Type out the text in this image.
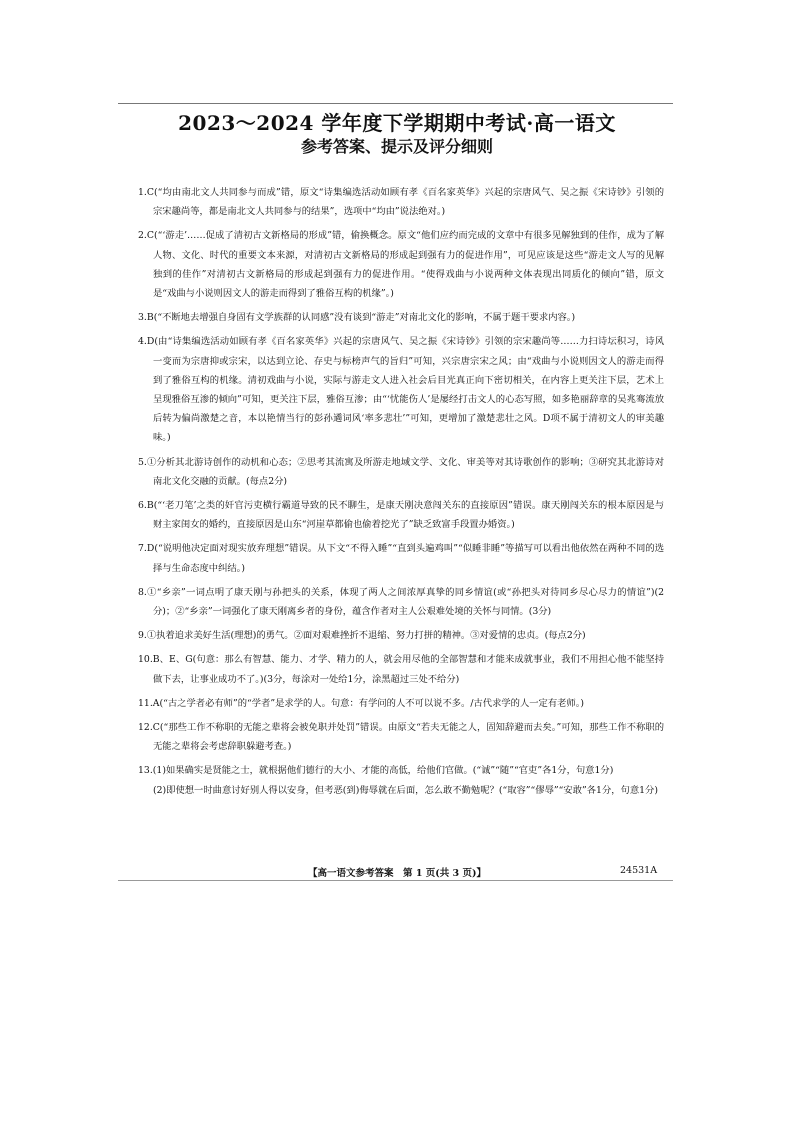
2023～2024 学年度下学期期中考试·高一语文
参考答案、提示及评分细则
1.C(“均由南北文人共同参与而成”错，原文“诗集编选活动如顾有孝《百名家英华》兴起的宗唐风气、吴之振《宋诗钞》引领的宗宋趣尚等，都是南北文人共同参与的结果”，选项中“均由”说法绝对。)
2.C(“‘游走’……促成了清初古文新格局的形成”错，偷换概念。原文“他们应约而完成的文章中有很多见解独到的佳作，成为了解人物、文化、时代的重要文本来源，对清初古文新格局的形成起到强有力的促进作用”，可见应该是这些“游走文人写的见解独到的佳作”对清初古文新格局的形成起到强有力的促进作用。“使得戏曲与小说两种文体表现出同质化的倾向”错，原文是“戏曲与小说则因文人的游走而得到了雅俗互构的机缘”。)
3.B(“不断地去增强自身固有文学族群的认同感”没有谈到“游走”对南北文化的影响，不属于题干要求内容。)
4.D(由“诗集编选活动如顾有孝《百名家英华》兴起的宗唐风气、吴之振《宋诗钞》引领的宗宋趣尚等……力扫诗坛积习，诗风一变而为宗唐抑或宗宋，以达到立论、存史与标榜声气的旨归”可知，兴宗唐宗宋之风；由“戏曲与小说则因文人的游走而得到了雅俗互构的机缘。清初戏曲与小说，实际与游走文人进入社会后目光真正向下密切相关，在内容上更关注下层，艺术上呈现雅俗互渗的倾向”可知，更关注下层，雅俗互渗；由“‘忧能伤人’是屡经打击文人的心态写照，如多艳丽辞章的吴兆骞流放后转为偏尚激楚之音，本以艳情当行的彭孙遹词风‘率多悲壮’”可知，更增加了激楚悲壮之风。D项不属于清初文人的审美趣味。)
5.①分析其北游诗创作的动机和心态；②思考其流寓及所游走地域文学、文化、审美等对其诗歌创作的影响；③研究其北游诗对南北文化交融的贡献。(每点2分)
6.B(“‘老刀笔’之类的奸官污吏横行霸道导致的民不聊生，是康天刚决意闯关东的直接原因”错误。康天刚闯关东的根本原因是与财主家闺女的婚约，直接原因是山东“河崖草都偷也偷着挖光了”缺乏致富手段置办婚资。)
7.D(“说明他决定面对现实放弃理想”错误。从下文“不得入睡”“直到头遍鸡叫”“似睡非睡”等描写可以看出他依然在两种不同的选择与生命态度中纠结。)
8.①“乡亲”一词点明了康天刚与孙把头的关系，体现了两人之间浓厚真挚的同乡情谊(或“孙把头对待同乡尽心尽力的情谊”)(2分)；②“乡亲”一词强化了康天刚离乡者的身份，蕴含作者对主人公艰难处境的关怀与同情。(3分)
9.①执着追求美好生活(理想)的勇气。②面对艰难挫折不退缩、努力打拼的精神。③对爱情的忠贞。(每点2分)
10.B、E、G(句意：那么有智慧、能力、才学、精力的人，就会用尽他的全部智慧和才能来成就事业，我们不用担心他不能坚持做下去，让事业成功不了。)(3分，每涂对一处给1分，涂黑超过三处不给分)
11.A(“古之学者必有师”的“学者”是求学的人。句意：有学问的人不可以说不多。/古代求学的人一定有老师。)
12.C(“那些工作不称职的无能之辈将会被免职并处罚”错误。由原文“若夫无能之人，固知辞避而去矣。”可知，那些工作不称职的无能之辈将会考虑辞职躲避考查。)
13.(1)如果确实是贤能之士，就根据他们德行的大小、才能的高低，给他们官做。(“诚”“随”“官吏”各1分，句意1分)
(2)即使想一时曲意讨好别人得以安身，但考恶(到)侮辱就在后面，怎么敢不勤勉呢？(“取容”“僇辱”“安敢”各1分，句意1分)
【高一语文参考答案　第 1 页(共 3 页)】	24531A
